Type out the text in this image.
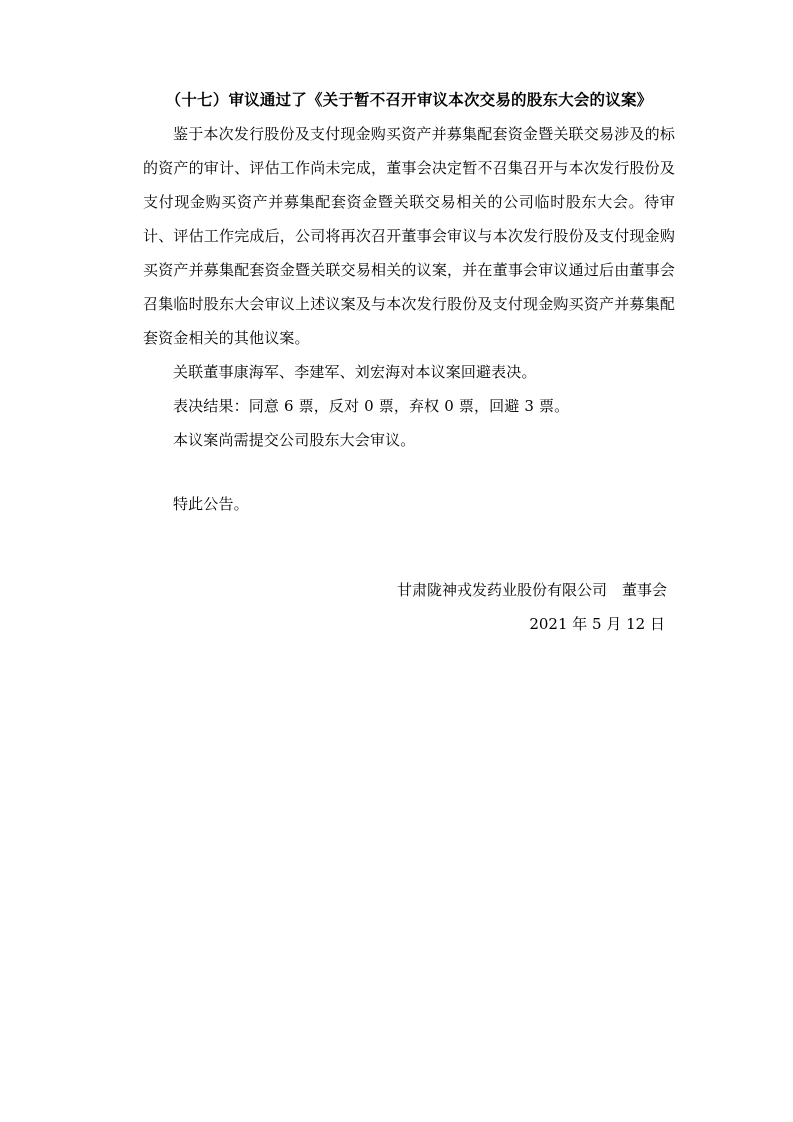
（十七）审议通过了《关于暂不召开审议本次交易的股东大会的议案》

鉴于本次发行股份及支付现金购买资产并募集配套资金暨关联交易涉及的标的资产的审计、评估工作尚未完成，董事会决定暂不召集召开与本次发行股份及支付现金购买资产并募集配套资金暨关联交易相关的公司临时股东大会。待审计、评估工作完成后，公司将再次召开董事会审议与本次发行股份及支付现金购买资产并募集配套资金暨关联交易相关的议案，并在董事会审议通过后由董事会召集临时股东大会审议上述议案及与本次发行股份及支付现金购买资产并募集配套资金相关的其他议案。

关联董事康海军、李建军、刘宏海对本议案回避表决。

表决结果：同意 6 票，反对 0 票，弃权 0 票，回避 3 票。

本议案尚需提交公司股东大会审议。

特此公告。

甘肃陇神戎发药业股份有限公司　董事会
2021 年 5 月 12 日
